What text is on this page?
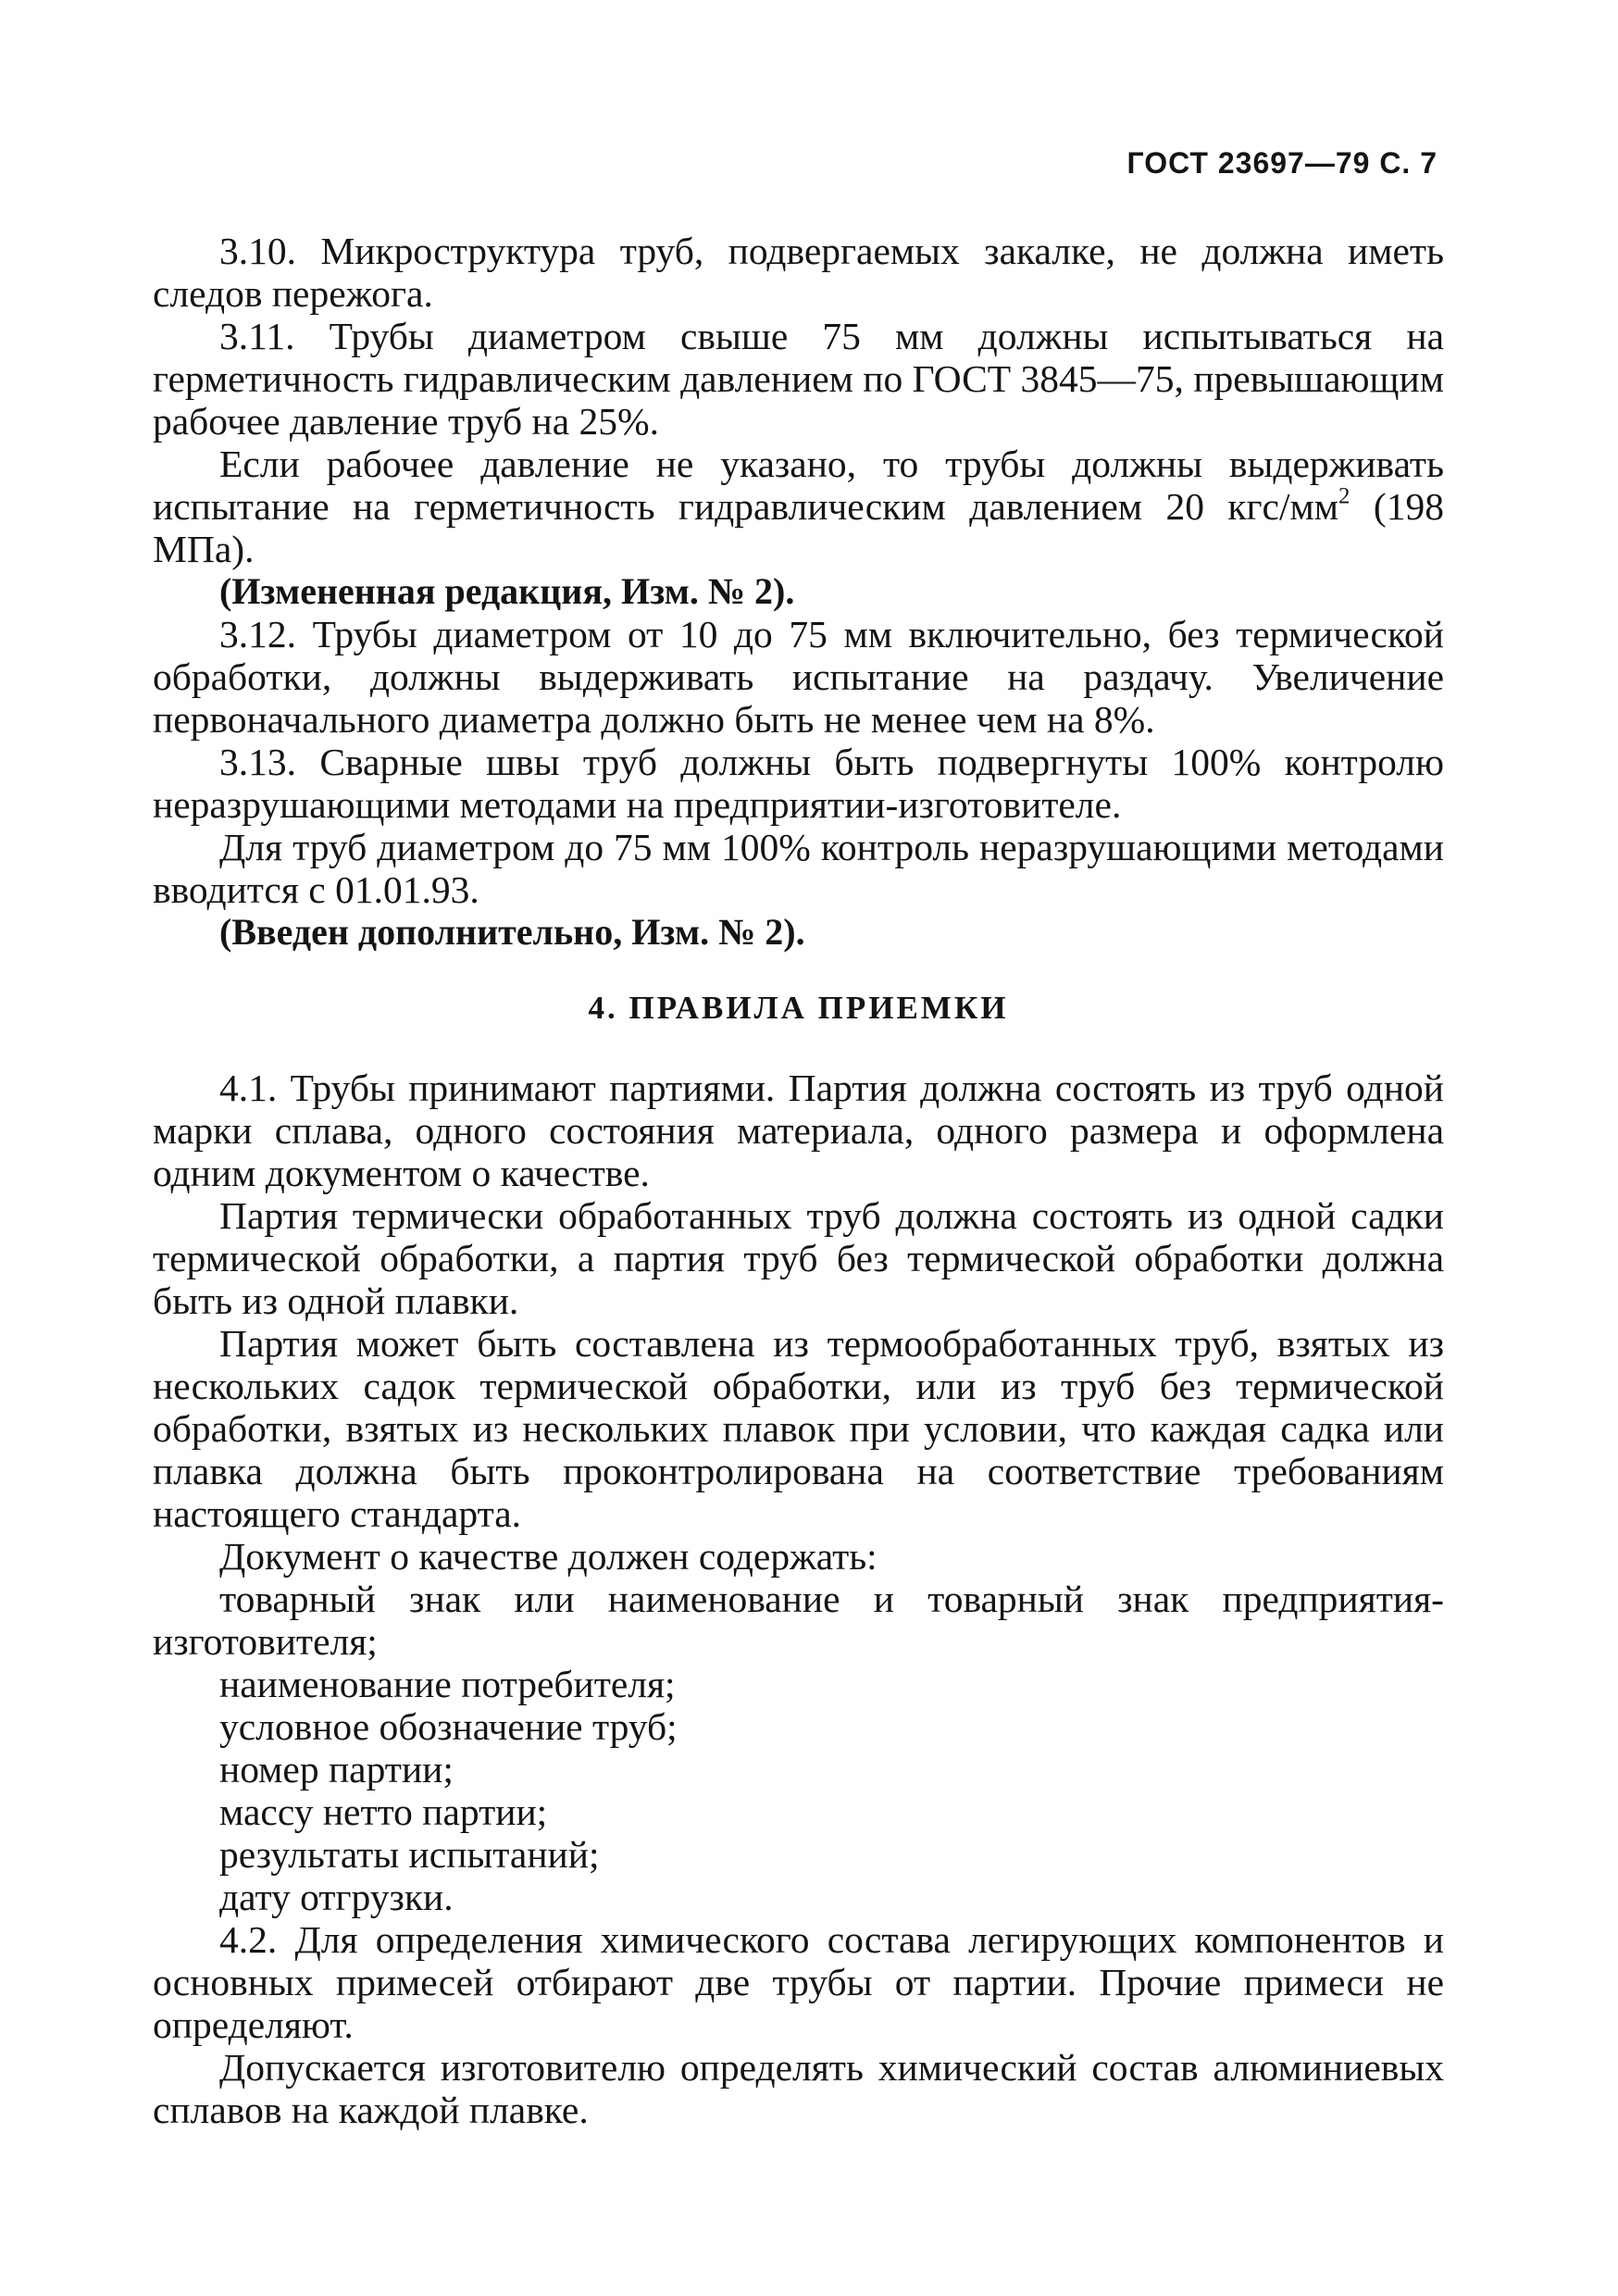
ГОСТ 23697—79 С. 7

3.10. Микроструктура труб, подвергаемых закалке, не должна иметь следов пережога.

3.11. Трубы диаметром свыше 75 мм должны испытываться на герметичность гидравлическим давлением по ГОСТ 3845—75, превышающим рабочее давление труб на 25%.

Если рабочее давление не указано, то трубы должны выдерживать испытание на герметичность гидравлическим давлением 20 кгс/$мм^2$ (198 МПа).

(Измененная редакция, Изм. № 2).

3.12. Трубы диаметром от 10 до 75 мм включительно, без термической обработки, должны выдерживать испытание на раздачу. Увеличение первоначального диаметра должно быть не менее чем на 8%.

3.13. Сварные швы труб должны быть подвергнуты 100% контролю неразрушающими методами на предприятии-изготовителе.

Для труб диаметром до 75 мм 100% контроль неразрушающими методами вводится с 01.01.93.

(Введен дополнительно, Изм. № 2).

4. ПРАВИЛА ПРИЕМКИ

4.1. Трубы принимают партиями. Партия должна состоять из труб одной марки сплава, одного состояния материала, одного размера и оформлена одним документом о качестве.

Партия термически обработанных труб должна состоять из одной садки термической обработки, а партия труб без термической обработки должна быть из одной плавки.

Партия может быть составлена из термообработанных труб, взятых из нескольких садок термической обработки, или из труб без термической обработки, взятых из нескольких плавок при условии, что каждая садка или плавка должна быть проконтролирована на соответствие требованиям настоящего стандарта.

Документ о качестве должен содержать:

товарный знак или наименование и товарный знак предприятия-изготовителя;

наименование потребителя;

условное обозначение труб;

номер партии;

массу нетто партии;

результаты испытаний;

дату отгрузки.

4.2. Для определения химического состава легирующих компонентов и основных примесей отбирают две трубы от партии. Прочие примеси не определяют.

Допускается изготовителю определять химический состав алюминиевых сплавов на каждой плавке.
